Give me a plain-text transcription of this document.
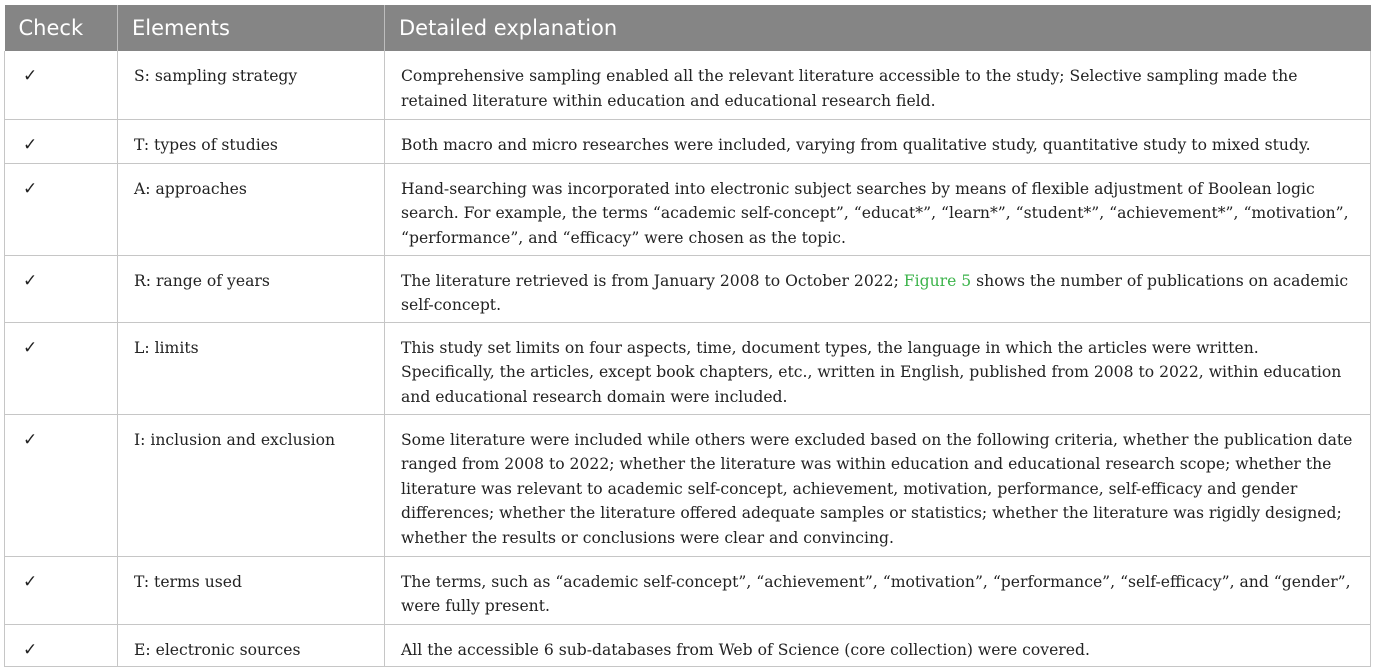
Check	Elements	Detailed explanation
✓	S: sampling strategy	Comprehensive sampling enabled all the relevant literature accessible to the study; Selective sampling made the retained literature within education and educational research field.
✓	T: types of studies	Both macro and micro researches were included, varying from qualitative study, quantitative study to mixed study.
✓	A: approaches	Hand-searching was incorporated into electronic subject searches by means of flexible adjustment of Boolean logic search. For example, the terms “academic self-concept”, “educat*”, “learn*”, “student*”, “achievement*”, “motivation”, “performance”, and “efficacy” were chosen as the topic.
✓	R: range of years	The literature retrieved is from January 2008 to October 2022; Figure 5 shows the number of publications on academic self-concept.
✓	L: limits	This study set limits on four aspects, time, document types, the language in which the articles were written. Specifically, the articles, except book chapters, etc., written in English, published from 2008 to 2022, within education and educational research domain were included.
✓	I: inclusion and exclusion	Some literature were included while others were excluded based on the following criteria, whether the publication date ranged from 2008 to 2022; whether the literature was within education and educational research scope; whether the literature was relevant to academic self-concept, achievement, motivation, performance, self-efficacy and gender differences; whether the literature offered adequate samples or statistics; whether the literature was rigidly designed; whether the results or conclusions were clear and convincing.
✓	T: terms used	The terms, such as “academic self-concept”, “achievement”, “motivation”, “performance”, “self-efficacy”, and “gender”, were fully present.
✓	E: electronic sources	All the accessible 6 sub-databases from Web of Science (core collection) were covered.
